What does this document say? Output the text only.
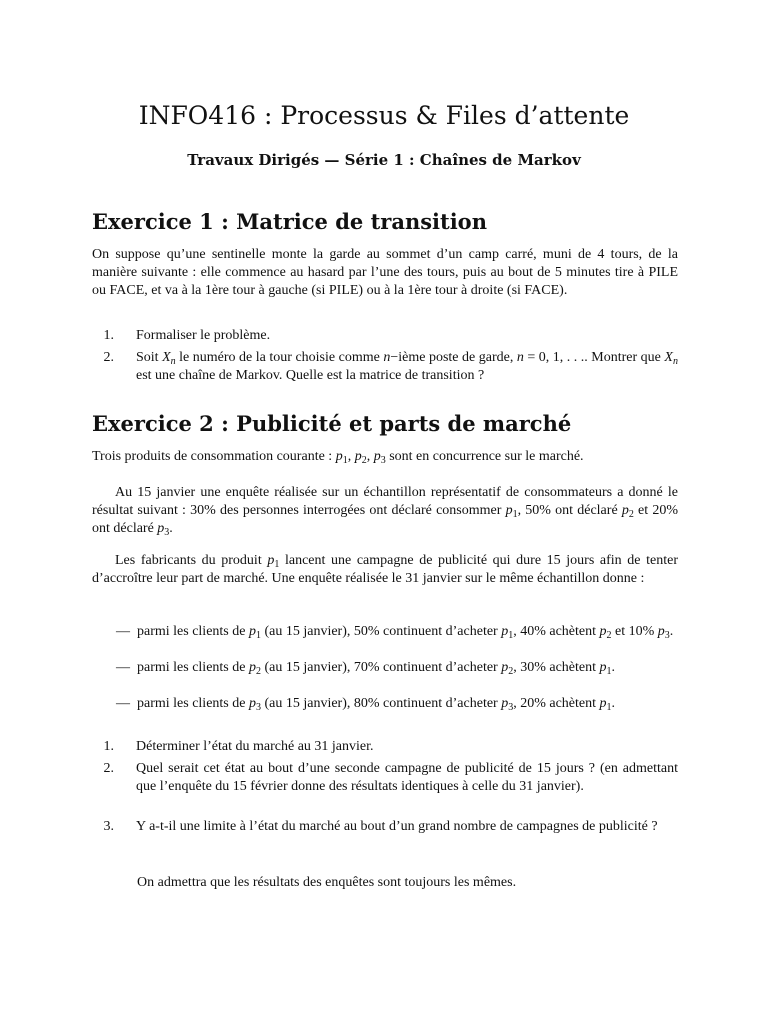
INFO416 : Processus & Files d’attente

Travaux Dirigés — Série 1 : Chaînes de Markov

Exercice 1 : Matrice de transition

On suppose qu’une sentinelle monte la garde au sommet d’un camp carré, muni de 4 tours, de la manière suivante : elle commence au hasard par l’une des tours, puis au bout de 5 minutes tire à PILE ou FACE, et va à la 1ère tour à gauche (si PILE) ou à la 1ère tour à droite (si FACE).

1.	Formaliser le problème.
2.	Soit $X_n$ le numéro de la tour choisie comme n−ième poste de garde, n = 0, 1, . . .. Montrer que $X_n$ est une chaîne de Markov. Quelle est la matrice de transition ?
Exercice 2 : Publicité et parts de marché

Trois produits de consommation courante : $p_1$, $p_2$, $p_3$ sont en concurrence sur le marché.

Au 15 janvier une enquête réalisée sur un échantillon représentatif de consommateurs a donné le résultat suivant : 30% des personnes interrogées ont déclaré consommer $p_1$, 50% ont déclaré $p_2$ et 20% ont déclaré $p_3$.

Les fabricants du produit $p_1$ lancent une campagne de publicité qui dure 15 jours afin de tenter d’accroître leur part de marché. Une enquête réalisée le 31 janvier sur le même échantillon donne :

— parmi les clients de $p_1$ (au 15 janvier), 50% continuent d’acheter $p_1$, 40% achètent $p_2$ et 10% $p_3$.
— parmi les clients de $p_2$ (au 15 janvier), 70% continuent d’acheter $p_2$, 30% achètent $p_1$.
— parmi les clients de $p_3$ (au 15 janvier), 80% continuent d’acheter $p_3$, 20% achètent $p_1$.
1.	Déterminer l’état du marché au 31 janvier.
2.	Quel serait cet état au bout d’une seconde campagne de publicité de 15 jours ? (en admettant que l’enquête du 15 février donne des résultats identiques à celle du 31 janvier).
3.	Y a-t-il une limite à l’état du marché au bout d’un grand nombre de campagnes de publicité ?

On admettra que les résultats des enquêtes sont toujours les mêmes.
